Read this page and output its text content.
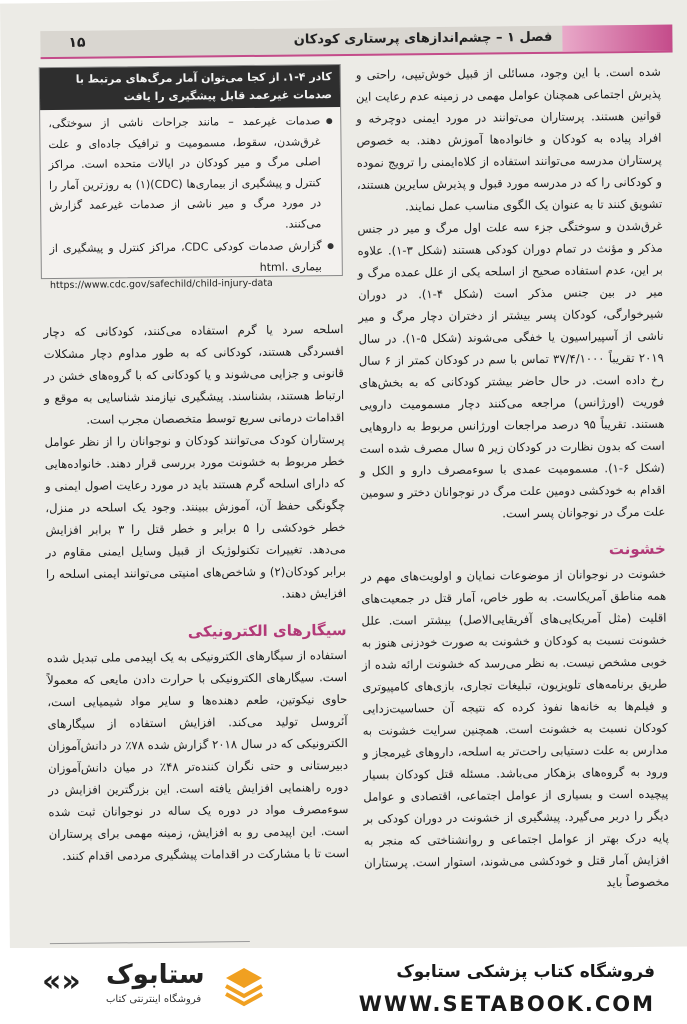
۱۵	فصل ۱ – چشم‌اندازهای پرستاری کودکان
کادر ۴-۱. از کجا می‌توان آمار مرگ‌های مرتبط با صدمات غیرعمد قابل پیشگیری را یافت

صدمات غیرعمد – مانند جراحات ناشی از سوختگی، غرق‌شدن، سقوط، مسمومیت و ترافیک جاده‌ای و علت اصلی مرگ و میر کودکان در ایالات متحده است. مراکز کنترل و پیشگیری از بیماری‌ها (CDC)(۱) به روزترین آمار را در مورد مرگ و میر ناشی از صدمات غیرعمد گزارش می‌کنند.

گزارش صدمات کودکی CDC، مراکز کنترل و پیشگیری از بیماری .html

https://www.cdc.gov/safechild/child-injury-data

شده است. با این وجود، مسائلی از قبیل خوش‌تیپی، راحتی و پذیرش اجتماعی همچنان عوامل مهمی در زمینه عدم رعایت این قوانین هستند. پرستاران می‌توانند در مورد ایمنی دوچرخه و افراد پیاده به کودکان و خانواده‌ها آموزش دهند. به خصوص پرستاران مدرسه می‌توانند استفاده از کلاه‌ایمنی را ترویج نموده و کودکانی را که در مدرسه مورد قبول و پذیرش سایرین هستند، تشویق کنند تا به عنوان یک الگوی مناسب عمل نمایند.

غرق‌شدن و سوختگی جزء سه علت اول مرگ و میر در جنس مذکر و مؤنث در تمام دوران کودکی هستند (شکل ۳-۱). علاوه بر این، عدم استفاده صحیح از اسلحه یکی از علل عمده مرگ و میر در بین جنس مذکر است (شکل ۴-۱). در دوران شیرخوارگی، کودکان پسر بیشتر از دختران دچار مرگ و میر ناشی از آسپیراسیون یا خفگی می‌شوند (شکل ۵-۱). در سال ۲۰۱۹ تقریباً ۳۷/۴/۱۰۰۰ تماس با سم در کودکان کمتر از ۶ سال رخ داده است. در حال حاضر بیشتر کودکانی که به بخش‌های فوریت (اورژانس) مراجعه می‌کنند دچار مسمومیت دارویی هستند. تقریباً ۹۵ درصد مراجعات اورژانس مربوط به داروهایی است که بدون نظارت در کودکان زیر ۵ سال مصرف شده است (شکل ۶-۱). مسمومیت عمدی با سوءمصرف دارو و الکل و اقدام به خودکشی دومین علت مرگ در نوجوانان دختر و سومین علت مرگ در نوجوانان پسر است.

خشونت

خشونت در نوجوانان از موضوعات نمایان و اولویت‌های مهم در همه مناطق آمریکاست. به طور خاص، آمار قتل در جمعیت‌های اقلیت (مثل آمریکایی‌های آفریقایی‌الاصل) بیشتر است. علل خشونت نسبت به کودکان و خشونت به صورت خودزنی هنوز به خوبی مشخص نیست. به نظر می‌رسد که خشونت ارائه شده از طریق برنامه‌های تلویزیون، تبلیغات تجاری، بازی‌های کامپیوتری و فیلم‌ها به خانه‌ها نفوذ کرده که نتیجه آن حساسیت‌زدایی کودکان نسبت به خشونت است. همچنین سرایت خشونت به مدارس به علت دستیابی راحت‌تر به اسلحه، داروهای غیرمجاز و ورود به گروه‌های بزهکار می‌باشد. مسئله قتل کودکان بسیار پیچیده است و بسیاری از عوامل اجتماعی، اقتصادی و عوامل دیگر را دربر می‌گیرد. پیشگیری از خشونت در دوران کودکی بر پایه درک بهتر از عوامل اجتماعی و روانشناختی که منجر به افزایش آمار قتل و خودکشی می‌شوند، استوار است. پرستاران مخصوصاً باید

اسلحه سرد یا گرم استفاده می‌کنند، کودکانی که دچار افسردگی هستند، کودکانی که به طور مداوم دچار مشکلات قانونی و جزایی می‌شوند و یا کودکانی که با گروه‌های خشن در ارتباط هستند، بشناسند. پیشگیری نیازمند شناسایی به موقع و اقدامات درمانی سریع توسط متخصصان مجرب است.

پرستاران کودک می‌توانند کودکان و نوجوانان را از نظر عوامل خطر مربوط به خشونت مورد بررسی قرار دهند. خانواده‌هایی که دارای اسلحه گرم هستند باید در مورد رعایت اصول ایمنی و چگونگی حفظ آن، آموزش ببینند. وجود یک اسلحه در منزل، خطر خودکشی را ۵ برابر و خطر قتل را ۳ برابر افزایش می‌دهد. تغییرات تکنولوژیک از قبیل وسایل ایمنی مقاوم در برابر کودکان(۲) و شاخص‌های امنیتی می‌توانند ایمنی اسلحه را افزایش دهند.

سیگارهای الکترونیکی

استفاده از سیگارهای الکترونیکی به یک اپیدمی ملی تبدیل شده است. سیگارهای الکترونیکی با حرارت دادن مایعی که معمولاً حاوی نیکوتین، طعم دهنده‌ها و سایر مواد شیمیایی است، آئروسل تولید می‌کند. افزایش استفاده از سیگارهای الکترونیکی که در سال ۲۰۱۸ گزارش شده ۷۸٪ در دانش‌آموزان دبیرستانی و حتی نگران کننده‌تر ۴۸٪ در میان دانش‌آموزان دوره راهنمایی افزایش یافته است. این بزرگترین افزایش در سوءمصرف مواد در دوره یک ساله در نوجوانان ثبت شده است. این اپیدمی رو به افزایش، زمینه مهمی برای پرستاران است تا با مشارکت در اقدامات پیشگیری مردمی اقدام کنند.

ستابوک
فروشگاه اینترنتی کتاب
«»	فروشگاه کتاب پزشکی ستابوک
WWW.SETABOOK.COM
